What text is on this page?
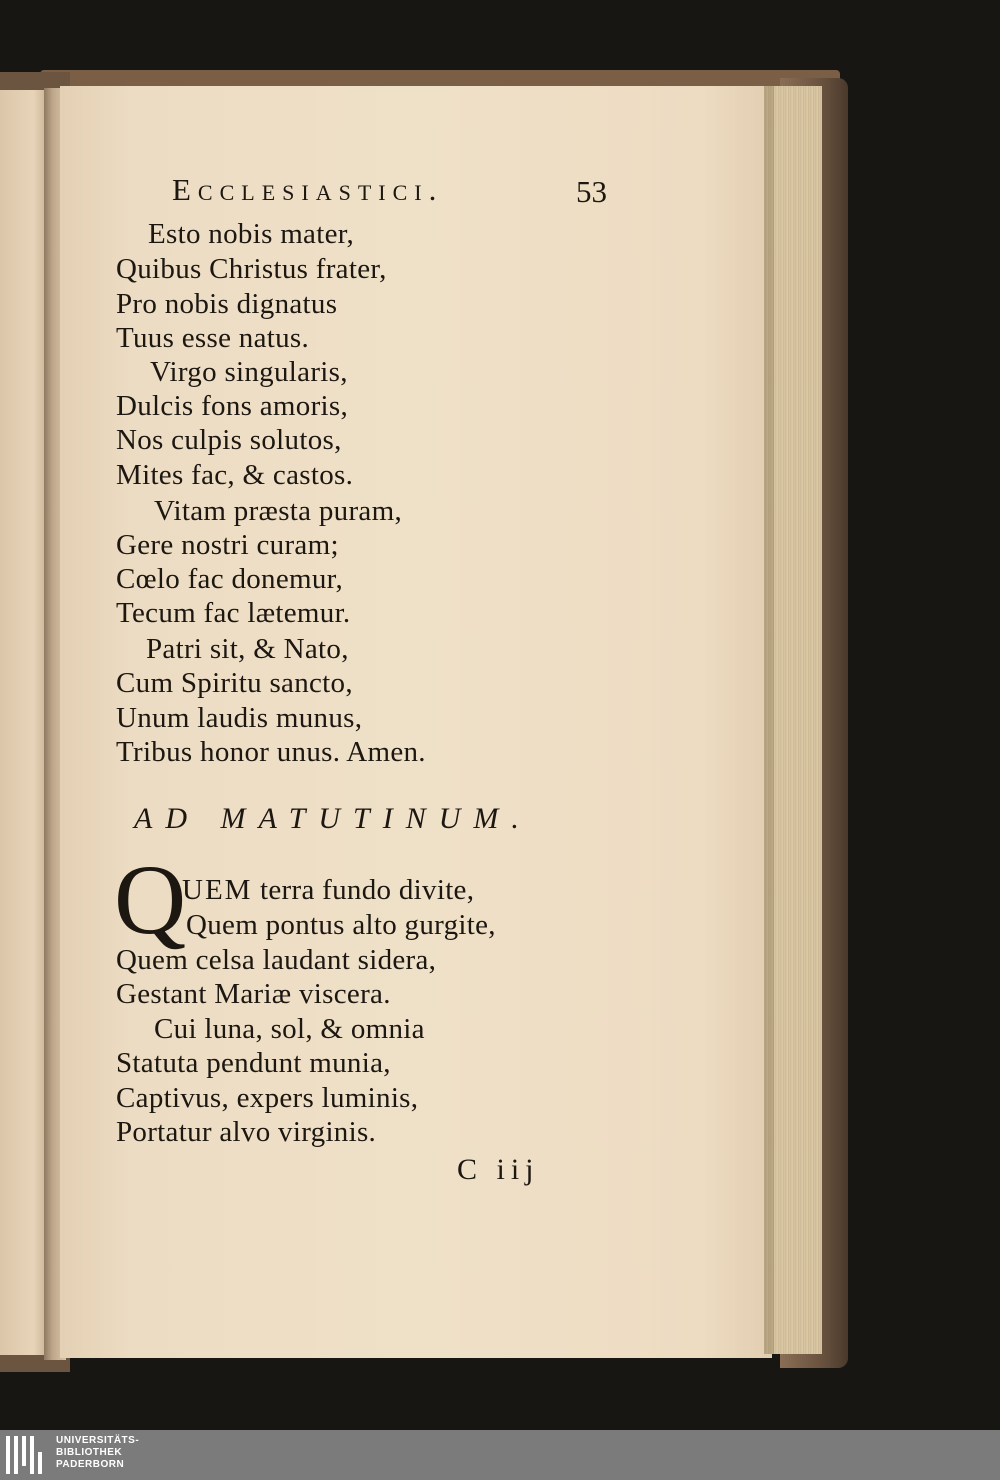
Ecclesiastici.	53
Esto nobis mater,
Quibus Christus frater,
Pro nobis dignatus
Tuus esse natus.
Virgo singularis,
Dulcis fons amoris,
Nos culpis solutos,
Mites fac, & castos.
Vitam præsta puram,
Gere nostri curam;
Cœlo fac donemur,
Tecum fac lætemur.
Patri sit, & Nato,
Cum Spiritu sancto,
Unum laudis munus,
Tribus honor unus. Amen.
AD MATUTINUM.
Q
UEM terra fundo divite,
Quem pontus alto gurgite,
Quem celsa laudant sidera,
Gestant Mariæ viscera.
Cui luna, sol, & omnia
Statuta pendunt munia,
Captivus, expers luminis,
Portatur alvo virginis.
C iij
UNIVERSITÄTS-
BIBLIOTHEK
PADERBORN
